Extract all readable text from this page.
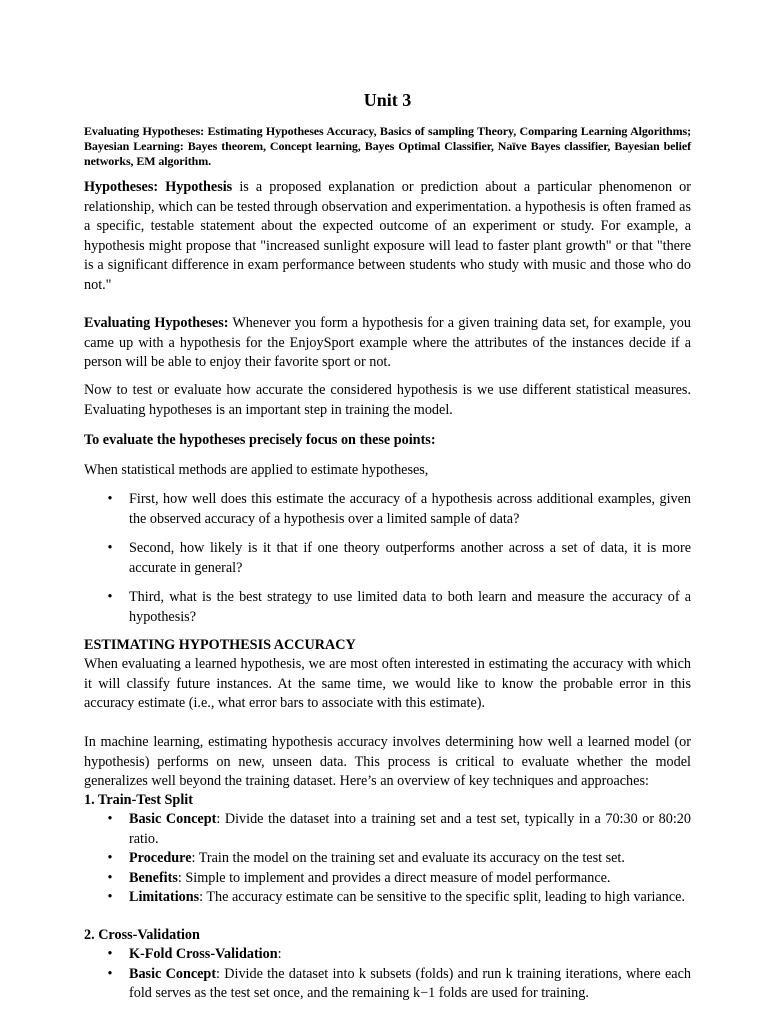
Unit 3
Evaluating Hypotheses: Estimating Hypotheses Accuracy, Basics of sampling Theory, Comparing Learning Algorithms; Bayesian Learning: Bayes theorem, Concept learning, Bayes Optimal Classifier, Naïve Bayes classifier, Bayesian belief networks, EM algorithm.
Hypotheses: Hypothesis is a proposed explanation or prediction about a particular phenomenon or relationship, which can be tested through observation and experimentation. a hypothesis is often framed as a specific, testable statement about the expected outcome of an experiment or study. For example, a hypothesis might propose that "increased sunlight exposure will lead to faster plant growth" or that "there is a significant difference in exam performance between students who study with music and those who do not."
Evaluating Hypotheses: Whenever you form a hypothesis for a given training data set, for example, you came up with a hypothesis for the EnjoySport example where the attributes of the instances decide if a person will be able to enjoy their favorite sport or not.
Now to test or evaluate how accurate the considered hypothesis is we use different statistical measures. Evaluating hypotheses is an important step in training the model.
To evaluate the hypotheses precisely focus on these points:
When statistical methods are applied to estimate hypotheses,
• First, how well does this estimate the accuracy of a hypothesis across additional examples, given the observed accuracy of a hypothesis over a limited sample of data?
• Second, how likely is it that if one theory outperforms another across a set of data, it is more accurate in general?
• Third, what is the best strategy to use limited data to both learn and measure the accuracy of a hypothesis?
ESTIMATING HYPOTHESIS ACCURACY
When evaluating a learned hypothesis, we are most often interested in estimating the accuracy with which it will classify future instances. At the same time, we would like to know the probable error in this accuracy estimate (i.e., what error bars to associate with this estimate).
In machine learning, estimating hypothesis accuracy involves determining how well a learned model (or hypothesis) performs on new, unseen data. This process is critical to evaluate whether the model generalizes well beyond the training dataset. Here’s an overview of key techniques and approaches:
1. Train-Test Split
• Basic Concept: Divide the dataset into a training set and a test set, typically in a 70:30 or 80:20 ratio.
• Procedure: Train the model on the training set and evaluate its accuracy on the test set.
• Benefits: Simple to implement and provides a direct measure of model performance.
• Limitations: The accuracy estimate can be sensitive to the specific split, leading to high variance.
2. Cross-Validation
• K-Fold Cross-Validation:
• Basic Concept: Divide the dataset into k subsets (folds) and run k training iterations, where each fold serves as the test set once, and the remaining k−1 folds are used for training.
